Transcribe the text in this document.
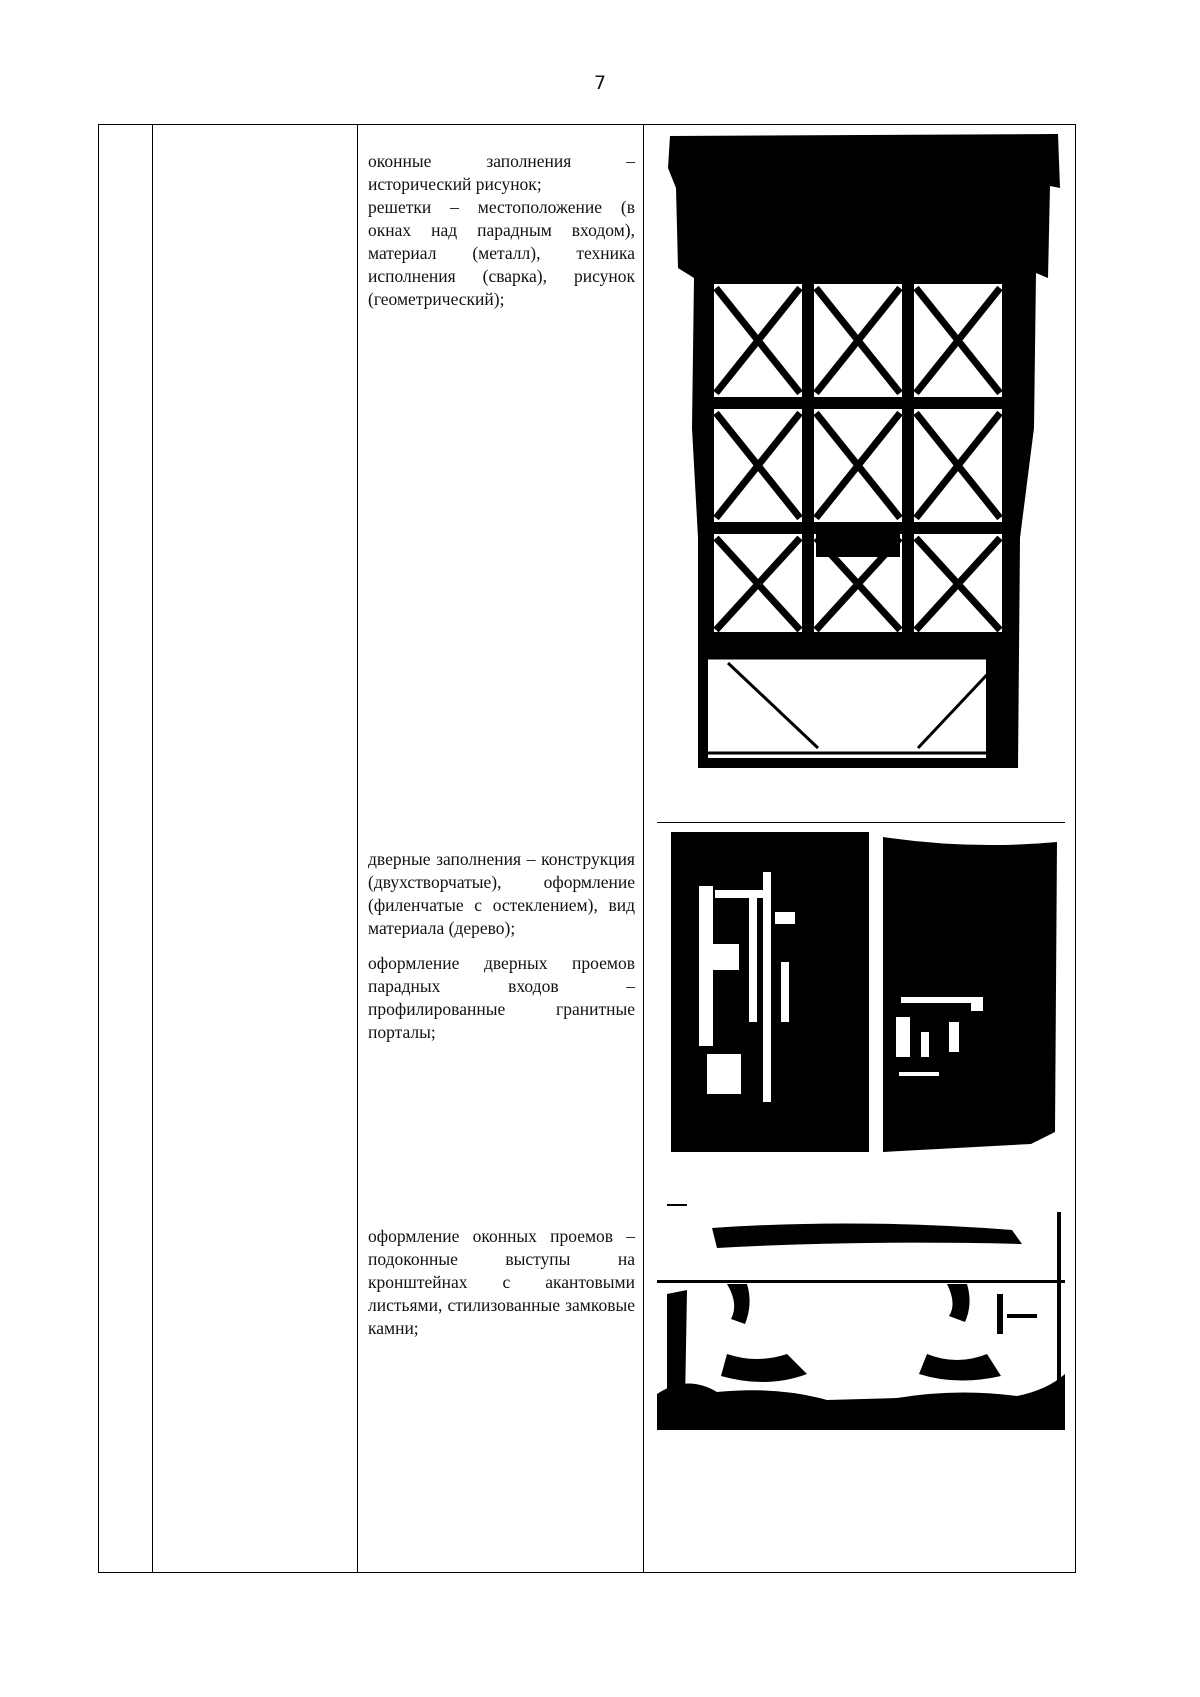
7

оконные заполнения – исторический рисунок;

решетки – местоположение (в окнах над парадным входом), материал (металл), техника исполнения (сварка), рисунок (геометрический);

дверные заполнения – конструкция (двухстворчатые), оформление (филенчатые с остеклением), вид материала (дерево);

оформление дверных проемов парадных входов – профилированные гранитные порталы;

оформление оконных проемов – подоконные выступы на кронштейнах с акантовыми листьями, стилизованные замковые камни;
